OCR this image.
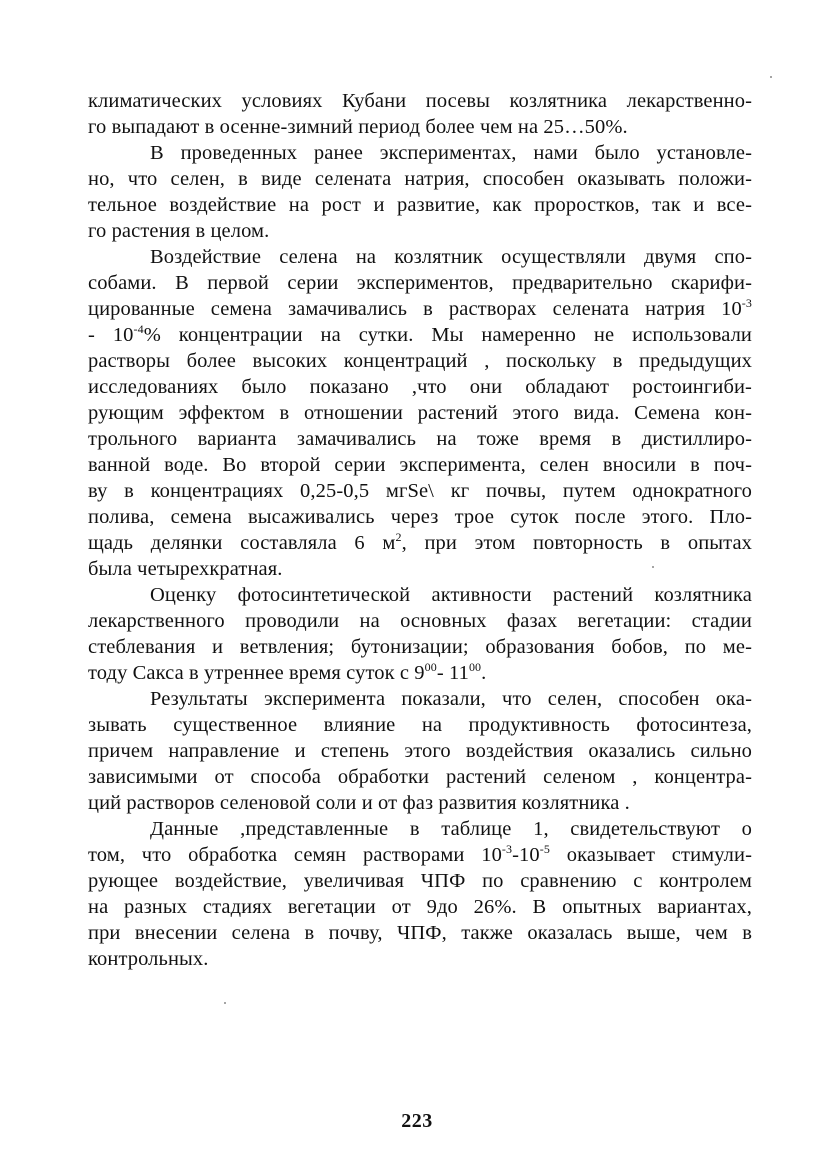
климатических условиях Кубани посевы козлятника лекарственно-
го выпадают в осенне-зимний период более чем на 25…50%.
В проведенных ранее экспериментах, нами было установле-
но, что селен, в виде селената натрия, способен оказывать положи-
тельное воздействие на рост и развитие, как проростков, так и все-
го растения в целом.
Воздействие селена на козлятник осуществляли двумя спо-
собами. В первой серии экспериментов, предварительно скарифи-
цированные семена замачивались в растворах селената натрия $10^{-3}$
- $10^{-4}\%$ концентрации на сутки. Мы намеренно не использовали
растворы более высоких концентраций , поскольку в предыдущих
исследованиях было показано ,что они обладают ростоингиби-
рующим эффектом в отношении растений этого вида. Семена кон-
трольного варианта замачивались на тоже время в дистиллиро-
ванной воде. Во второй серии эксперимента, селен вносили в поч-
ву в концентрациях 0,25-0,5 мгSe\ кг почвы, путем однократного
полива, семена высаживались через трое суток после этого. Пло-
щадь делянки составляла 6 $м^2$, при этом повторность в опытах
была четырехкратная.
Оценку фотосинтетической активности растений козлятника
лекарственного проводили на основных фазах вегетации: стадии
стеблевания и ветвления; бутонизации; образования бобов, по ме-
тоду Сакса в утреннее время суток с $9^{00}-$ $11^{00}$.
Результаты эксперимента показали, что селен, способен ока-
зывать существенное влияние на продуктивность фотосинтеза,
причем направление и степень этого воздействия оказались сильно
зависимыми от способа обработки растений селеном , концентра-
ций растворов селеновой соли и от фаз развития козлятника .
Данные ,представленные в таблице 1, свидетельствуют о
том, что обработка семян растворами $10^{-3}-10^{-5}$ оказывает стимули-
рующее воздействие, увеличивая ЧПФ по сравнению с контролем
на разных стадиях вегетации от 9до 26%. В опытных вариантах,
при внесении селена в почву, ЧПФ, также оказалась выше, чем в
контрольных.
223
